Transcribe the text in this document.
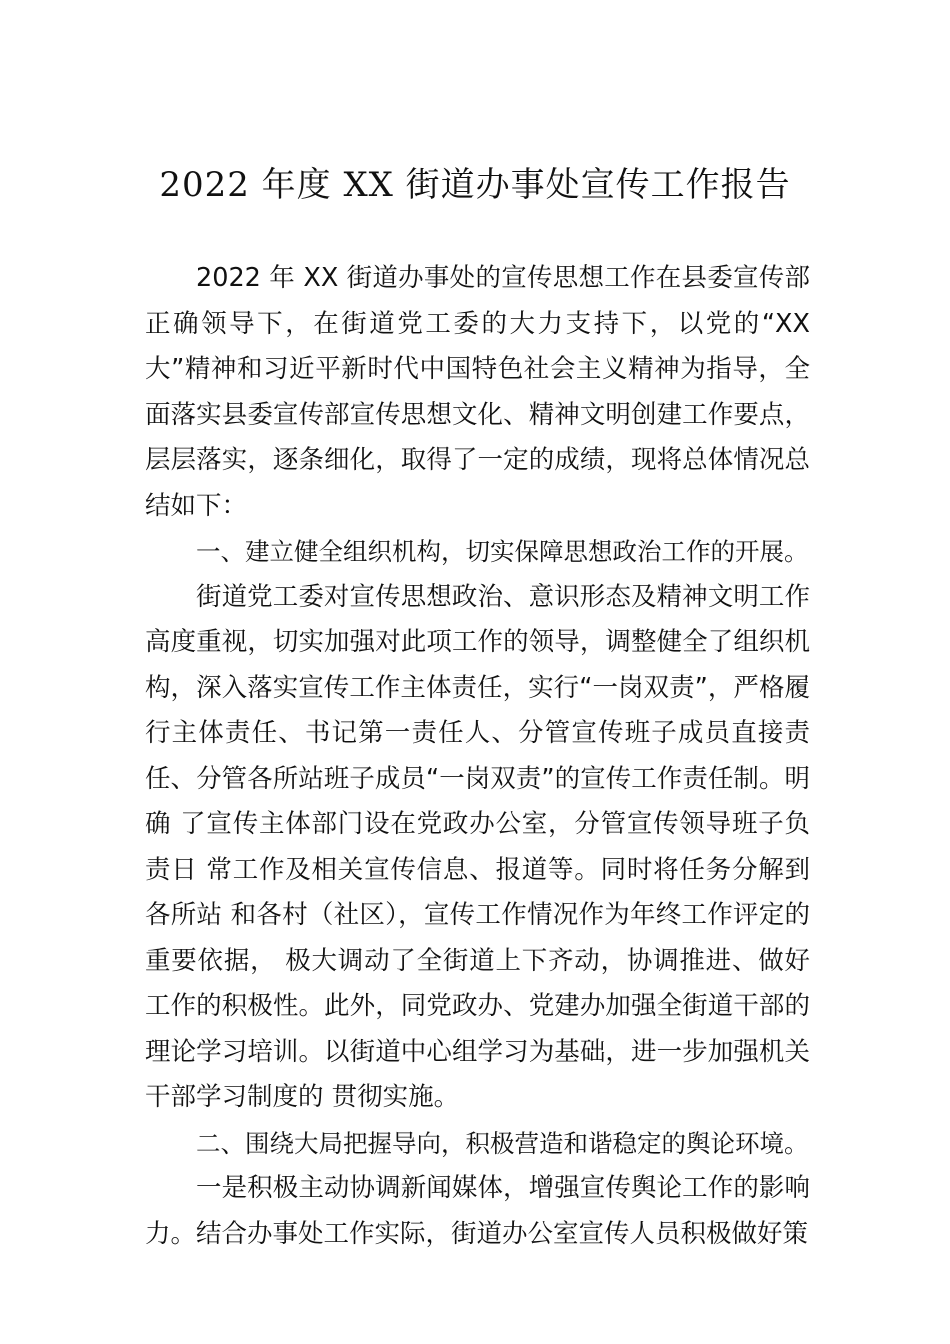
2022 年度 XX 街道办事处宣传工作报告

2022 年 XX 街道办事处的宣传思想工作在县委宣传部正确领导下，在街道党工委的大力支持下，以党的“XX 大”精神和习近平新时代中国特色社会主义精神为指导，全面落实县委宣传部宣传思想文化、精神文明创建工作要点，层层落实，逐条细化，取得了一定的成绩，现将总体情况总结如下：

一、建立健全组织机构，切实保障思想政治工作的开展。

街道党工委对宣传思想政治、意识形态及精神文明工作高度重视，切实加强对此项工作的领导，调整健全了组织机构，深入落实宣传工作主体责任，实行“一岗双责”，严格履 行主体责任、书记第一责任人、分管宣传班子成员直接责任、分管各所站班子成员“一岗双责”的宣传工作责任制。明确 了宣传主体部门设在党政办公室，分管宣传领导班子负责日 常工作及相关宣传信息、报道等。同时将任务分解到各所站 和各村（社区），宣传工作情况作为年终工作评定的重要依据， 极大调动了全街道上下齐动，协调推进、做好工作的积极性。此外，同党政办、党建办加强全街道干部的理论学习培训。以街道中心组学习为基础，进一步加强机关干部学习制度的 贯彻实施。

二、围绕大局把握导向，积极营造和谐稳定的舆论环境。

一是积极主动协调新闻媒体，增强宣传舆论工作的影响力。结合办事处工作实际，街道办公室宣传人员积极做好策
